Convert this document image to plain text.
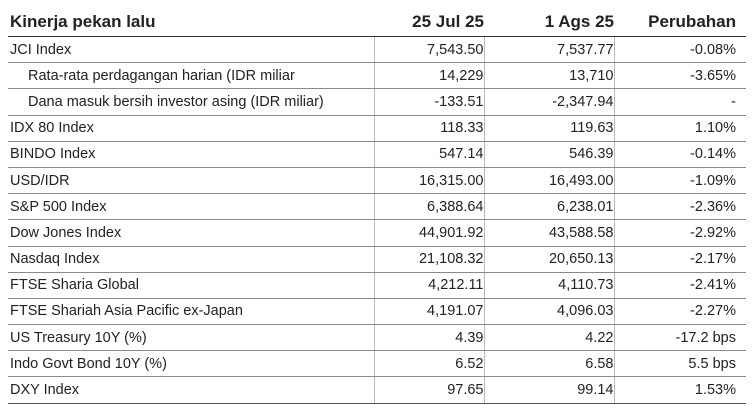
Kinerja pekan lalu	25 Jul 25	1 Ags 25	Perubahan
JCI Index	7,543.50	7,537.77	-0.08%
Rata-rata perdagangan harian (IDR miliar	14,229	13,710	-3.65%
Dana masuk bersih investor asing (IDR miliar)	-133.51	-2,347.94	-
IDX 80 Index	118.33	119.63	1.10%
BINDO Index	547.14	546.39	-0.14%
USD/IDR	16,315.00	16,493.00	-1.09%
S&P 500 Index	6,388.64	6,238.01	-2.36%
Dow Jones Index	44,901.92	43,588.58	-2.92%
Nasdaq Index	21,108.32	20,650.13	-2.17%
FTSE Sharia Global	4,212.11	4,110.73	-2.41%
FTSE Shariah Asia Pacific ex-Japan	4,191.07	4,096.03	-2.27%
US Treasury 10Y (%)	4.39	4.22	-17.2 bps
Indo Govt Bond 10Y (%)	6.52	6.58	5.5 bps
DXY Index	97.65	99.14	1.53%
